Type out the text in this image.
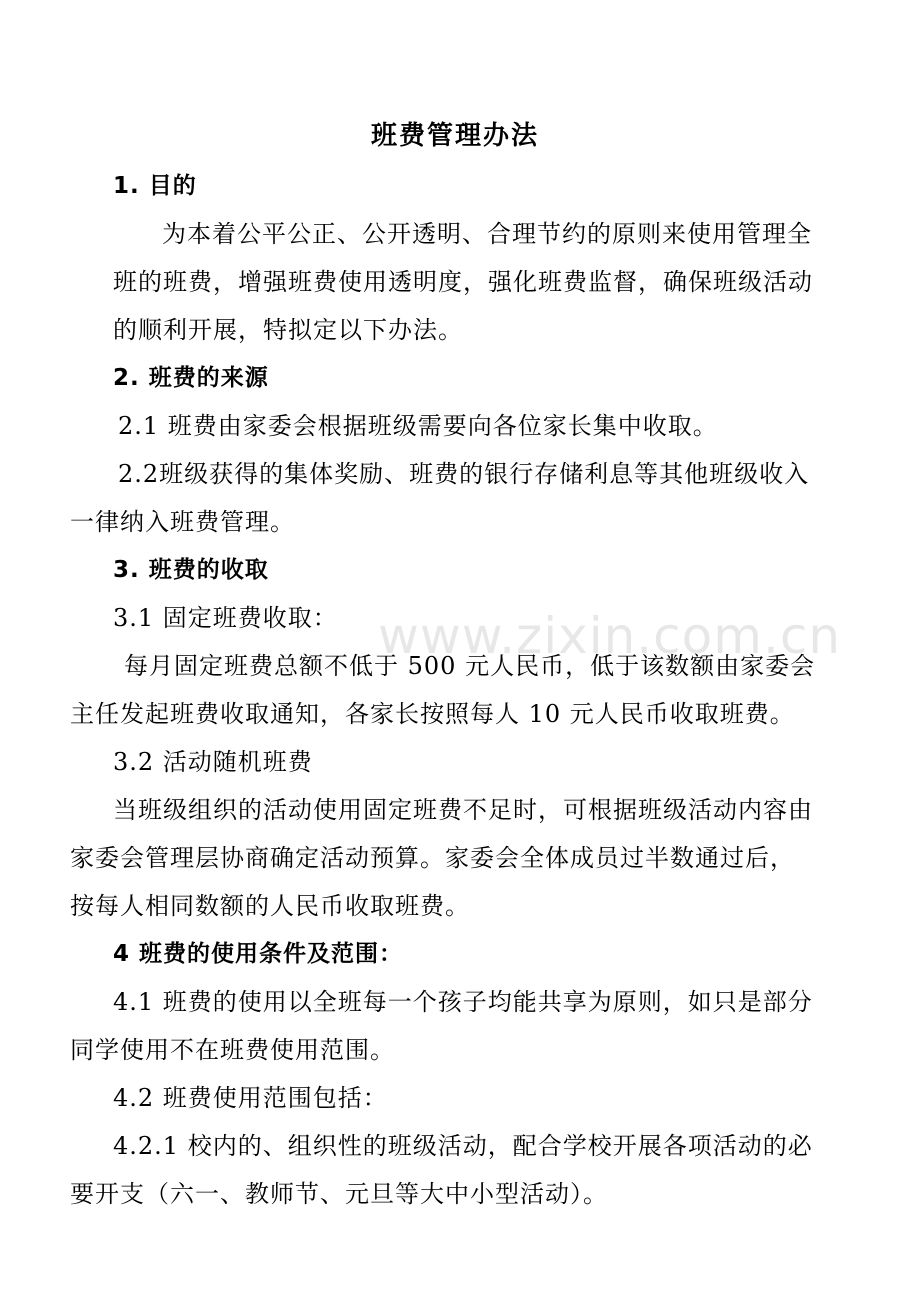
班费管理办法
1. 目的
为本着公平公正、公开透明、合理节约的原则来使用管理全
班的班费，增强班费使用透明度，强化班费监督，确保班级活动
的顺利开展，特拟定以下办法。
2. 班费的来源
2.1 班费由家委会根据班级需要向各位家长集中收取。
2.2班级获得的集体奖励、班费的银行存储利息等其他班级收入
一律纳入班费管理。
3. 班费的收取
3.1 固定班费收取：
每月固定班费总额不低于 500 元人民币，低于该数额由家委会
主任发起班费收取通知，各家长按照每人 10 元人民币收取班费。
3.2 活动随机班费
当班级组织的活动使用固定班费不足时，可根据班级活动内容由
家委会管理层协商确定活动预算。家委会全体成员过半数通过后，
按每人相同数额的人民币收取班费。
4 班费的使用条件及范围：
4.1 班费的使用以全班每一个孩子均能共享为原则，如只是部分
同学使用不在班费使用范围。
4.2 班费使用范围包括：
4.2.1 校内的、组织性的班级活动，配合学校开展各项活动的必
要开支（六一、教师节、元旦等大中小型活动）。
www.zixin.com.cn
